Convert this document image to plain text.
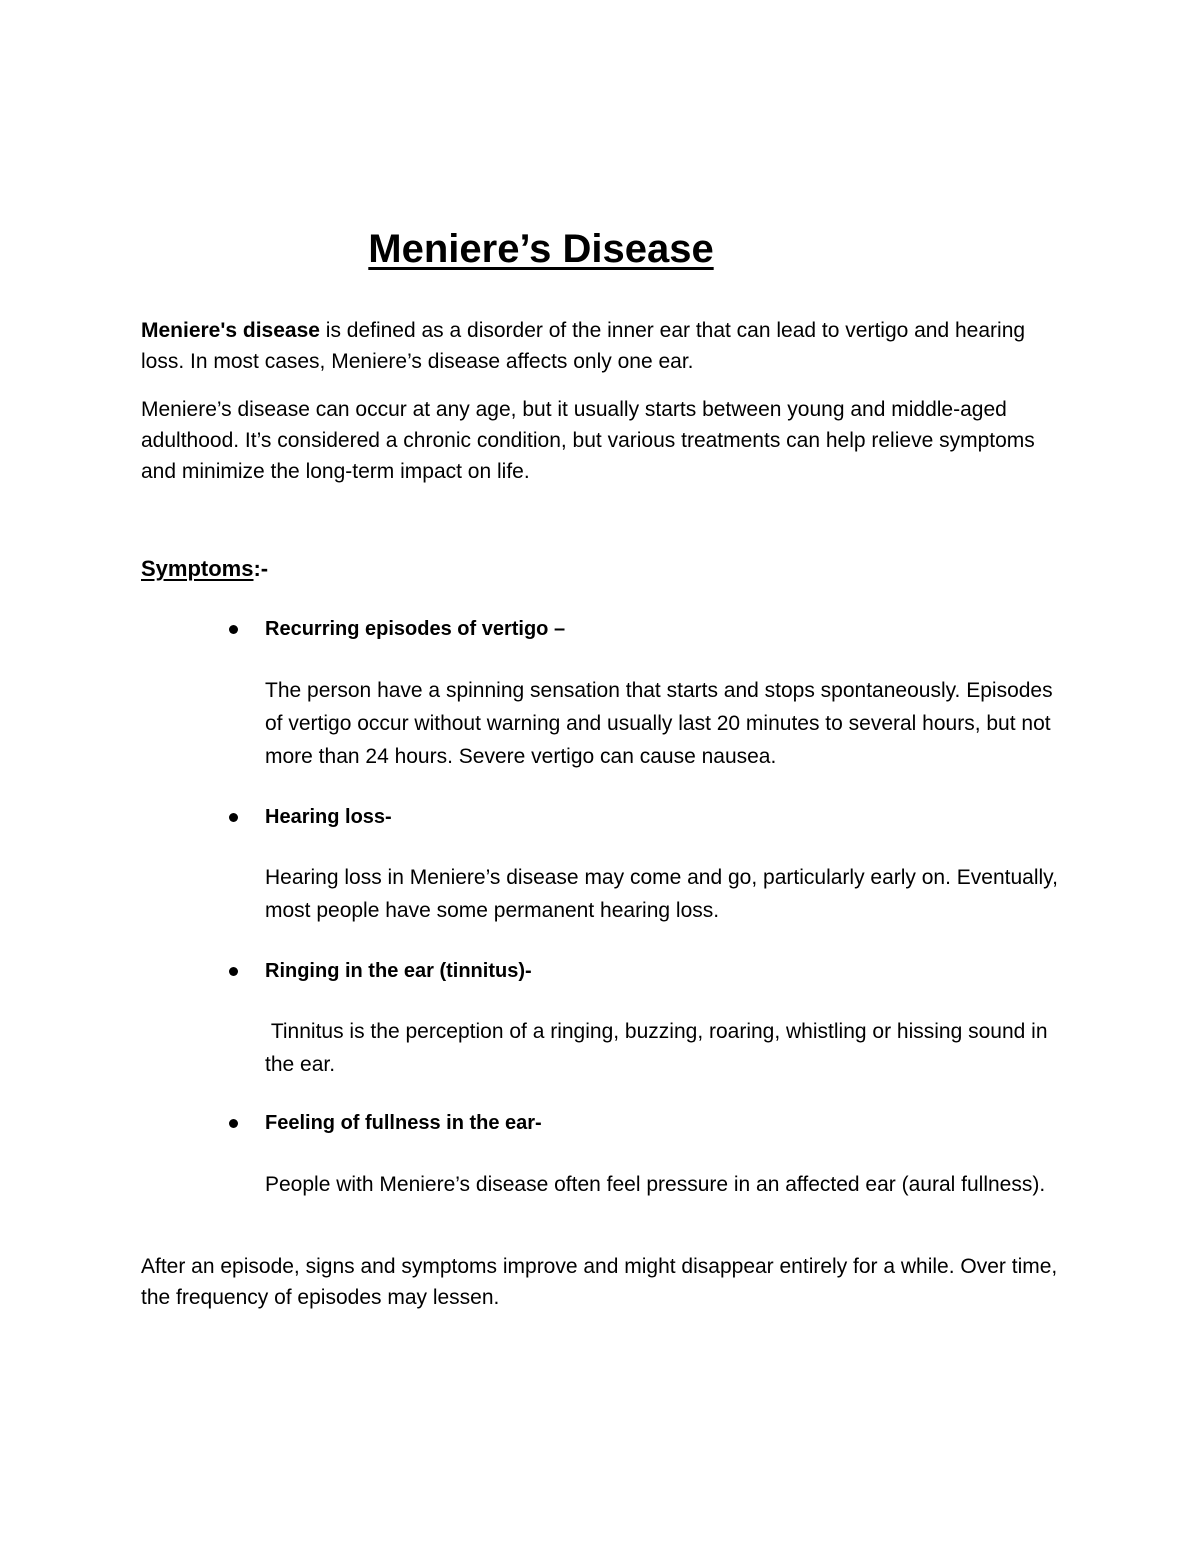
Meniere’s Disease

Meniere's disease is defined as a disorder of the inner ear that can lead to vertigo and hearing loss. In most cases, Meniere’s disease affects only one ear.

Meniere’s disease can occur at any age, but it usually starts between young and middle-aged adulthood. It’s considered a chronic condition, but various treatments can help relieve symptoms and minimize the long-term impact on life.

Symptoms:-

Recurring episodes of vertigo –

The person have a spinning sensation that starts and stops spontaneously. Episodes of vertigo occur without warning and usually last 20 minutes to several hours, but not more than 24 hours. Severe vertigo can cause nausea.

Hearing loss-

Hearing loss in Meniere’s disease may come and go, particularly early on. Eventually, most people have some permanent hearing loss.

Ringing in the ear (tinnitus)-

Tinnitus is the perception of a ringing, buzzing, roaring, whistling or hissing sound in the ear.

Feeling of fullness in the ear-

People with Meniere’s disease often feel pressure in an affected ear (aural fullness).

After an episode, signs and symptoms improve and might disappear entirely for a while. Over time, the frequency of episodes may lessen.
